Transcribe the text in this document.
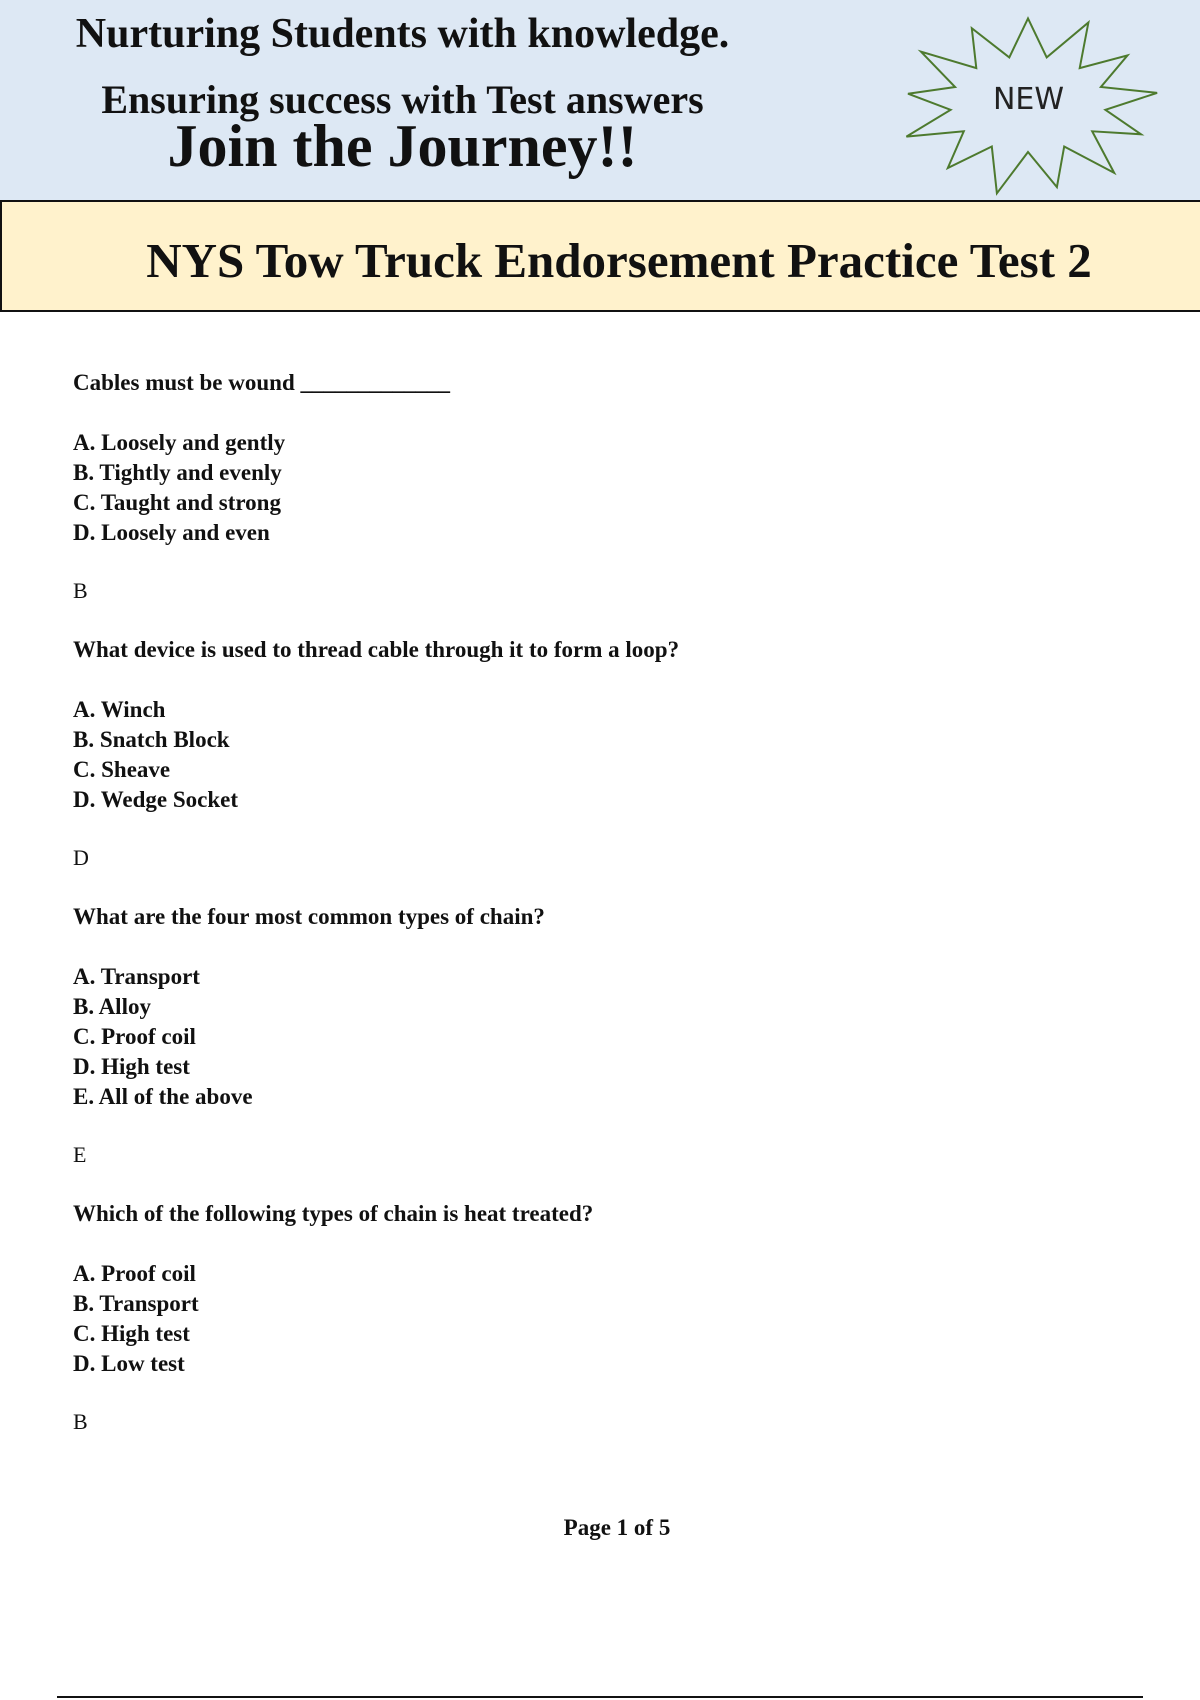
Nurturing Students with knowledge.
Ensuring success with Test answers
Join the Journey!!
NEW
NYS Tow Truck Endorsement Practice Test 2
Cables must be wound _____________
A. Loosely and gently
B. Tightly and evenly
C. Taught and strong
D. Loosely and even
B
What device is used to thread cable through it to form a loop?
A. Winch
B. Snatch Block
C. Sheave
D. Wedge Socket
D
What are the four most common types of chain?
A. Transport
B. Alloy
C. Proof coil
D. High test
E. All of the above
E
Which of the following types of chain is heat treated?
A. Proof coil
B. Transport
C. High test
D. Low test
B
Page 1 of 5
